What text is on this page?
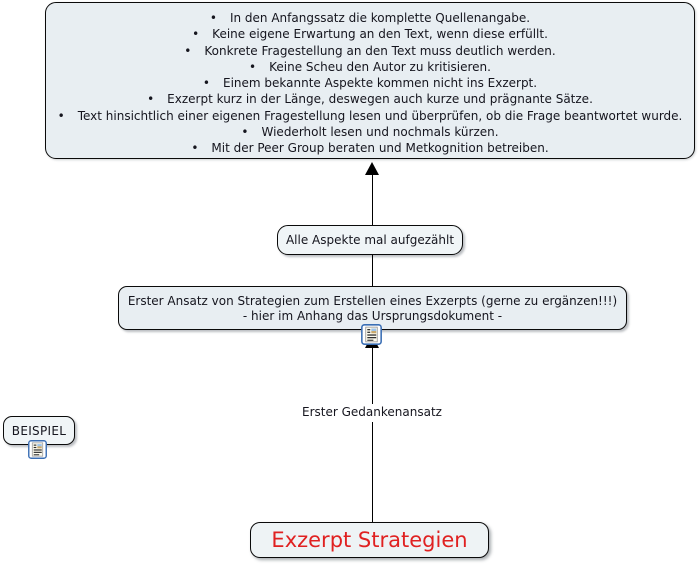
• In den Anfangssatz die komplette Quellenangabe.
• Keine eigene Erwartung an den Text, wenn diese erfüllt.
• Konkrete Fragestellung an den Text muss deutlich werden.
• Keine Scheu den Autor zu kritisieren.
• Einem bekannte Aspekte kommen nicht ins Exzerpt.
• Exzerpt kurz in der Länge, deswegen auch kurze und prägnante Sätze.
• Text hinsichtlich einer eigenen Fragestellung lesen und überprüfen, ob die Frage beantwortet wurde.
• Wiederholt lesen und nochmals kürzen.
• Mit der Peer Group beraten und Metkognition betreiben.
Alle Aspekte mal aufgezählt
Erster Ansatz von Strategien zum Erstellen eines Exzerpts (gerne zu ergänzen!!!)
- hier im Anhang das Ursprungsdokument -
Erster Gedankenansatz
BEISPIEL
Exzerpt Strategien
